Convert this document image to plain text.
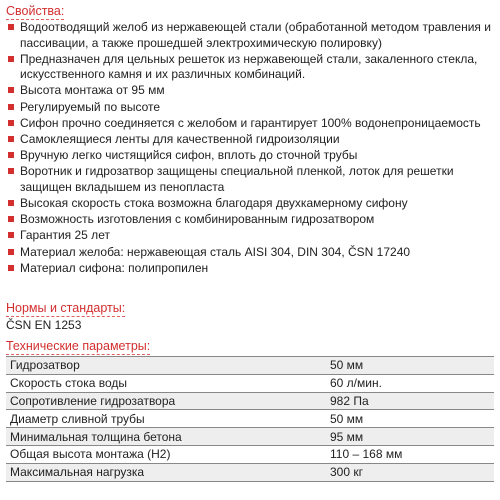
Свойства:
Водоотводящий желоб из нержавеющей стали (обработанной методом травления и пассивации, а также прошедшей электрохимическую полировку)
Предназначен для цельных решеток из нержавеющей стали, закаленного стекла, искусственного камня и их различных комбинаций.
Высота монтажа от 95 мм
Регулируемый по высоте
Сифон прочно соединяется с желобом и гарантирует 100% водонепроницаемость
Самоклеящиеся ленты для качественной гидроизоляции
Вручную легко чистящийся сифон, вплоть до сточной трубы
Воротник и гидрозатвор защищены специальной пленкой, лоток для решетки защищен вкладышем из пенопласта
Высокая скорость стока возможна благодаря двухкамерному сифону
Возможность изготовления с комбинированным гидрозатвором
Гарантия 25 лет
Материал желоба: нержавеющая сталь AISI 304, DIN 304, ČSN 17240
Материал сифона: полипропилен
Нормы и стандарты:
ČSN EN 1253
Технические параметры:
Гидрозатвор	50 мм
Скорость стока воды	60 л/мин.
Сопротивление гидрозатвора	982 Па
Диаметр сливной трубы	50 мм
Минимальная толщина бетона	95 мм
Общая высота монтажа (H2)	110 – 168 мм
Максимальная нагрузка	300 кг
